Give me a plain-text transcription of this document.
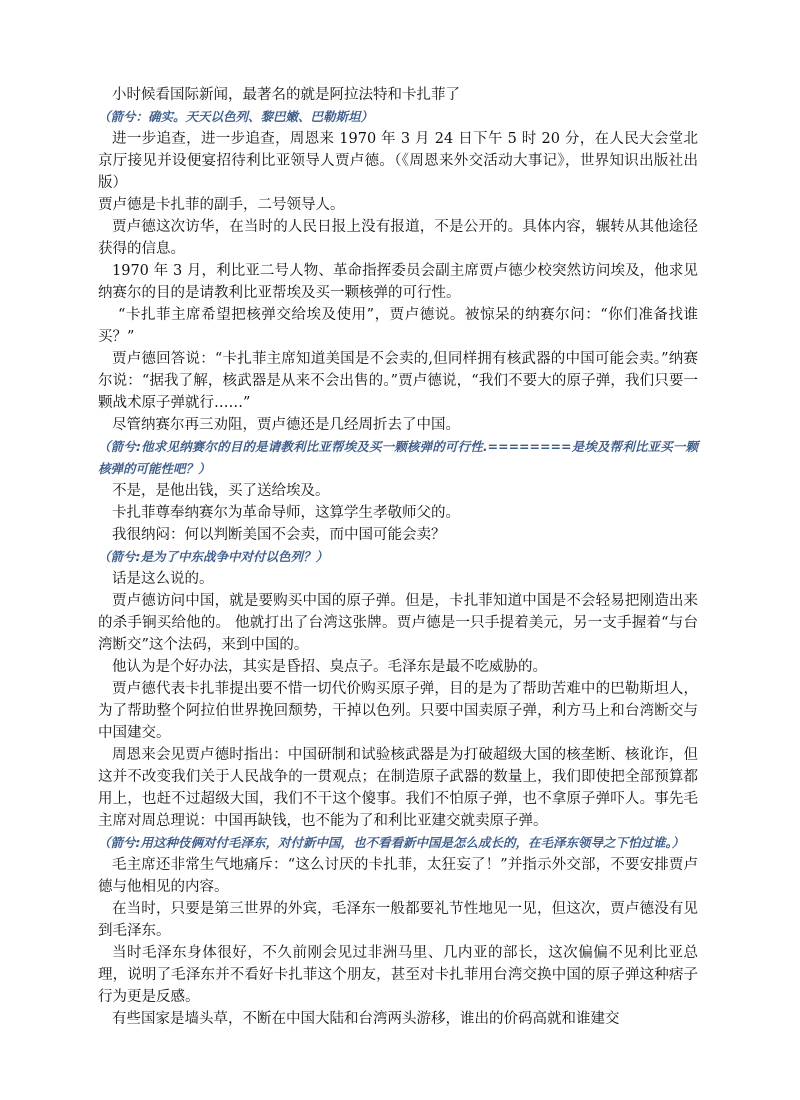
小时候看国际新闻，最著名的就是阿拉法特和卡扎菲了

（箭兮：确实。天天以色列、黎巴嫩、巴勒斯坦）

进一步追查，进一步追查，周恩来 1970 年 3 月 24 日下午 5 时 20 分，在人民大会堂北京厅接见并设便宴招待利比亚领导人贾卢德。（《周恩来外交活动大事记》，世界知识出版社出版）

贾卢德是卡扎菲的副手，二号领导人。

贾卢德这次访华，在当时的人民日报上没有报道，不是公开的。具体内容，辗转从其他途径获得的信息。

1970 年 3 月，利比亚二号人物、革命指挥委员会副主席贾卢德少校突然访问埃及，他求见纳赛尔的目的是请教利比亚帮埃及买一颗核弹的可行性。

“卡扎菲主席希望把核弹交给埃及使用”，贾卢德说。被惊呆的纳赛尔问：“你们准备找谁买？”

贾卢德回答说：“卡扎菲主席知道美国是不会卖的,但同样拥有核武器的中国可能会卖。”纳赛尔说：“据我了解，核武器是从来不会出售的。”贾卢德说，“我们不要大的原子弹，我们只要一颗战术原子弹就行……”

尽管纳赛尔再三劝阻，贾卢德还是几经周折去了中国。

（箭兮:他求见纳赛尔的目的是请教利比亚帮埃及买一颗核弹的可行性.========是埃及帮利比亚买一颗核弹的可能性吧？）

不是，是他出钱，买了送给埃及。

卡扎菲尊奉纳赛尔为革命导师，这算学生孝敬师父的。

我很纳闷：何以判断美国不会卖，而中国可能会卖？

（箭兮:是为了中东战争中对付以色列？）

话是这么说的。

贾卢德访问中国，就是要购买中国的原子弹。但是，卡扎菲知道中国是不会轻易把刚造出来的杀手锏买给他的。 他就打出了台湾这张牌。贾卢德是一只手提着美元，另一支手握着“与台湾断交”这个法码，来到中国的。

他认为是个好办法，其实是昏招、臭点子。毛泽东是最不吃威胁的。

贾卢德代表卡扎菲提出要不惜一切代价购买原子弹，目的是为了帮助苦难中的巴勒斯坦人，为了帮助整个阿拉伯世界挽回颓势，干掉以色列。只要中国卖原子弹，利方马上和台湾断交与中国建交。

周恩来会见贾卢德时指出：中国研制和试验核武器是为打破超级大国的核垄断、核讹诈，但这并不改变我们关于人民战争的一贯观点；在制造原子武器的数量上，我们即使把全部预算都用上，也赶不过超级大国，我们不干这个傻事。我们不怕原子弹，也不拿原子弹吓人。事先毛主席对周总理说：中国再缺钱，也不能为了和利比亚建交就卖原子弹。

（箭兮:用这种伎俩对付毛泽东，对付新中国，也不看看新中国是怎么成长的，在毛泽东领导之下怕过谁。）

毛主席还非常生气地痛斥：“这么讨厌的卡扎菲，太狂妄了！”并指示外交部，不要安排贾卢德与他相见的内容。

在当时，只要是第三世界的外宾，毛泽东一般都要礼节性地见一见，但这次，贾卢德没有见到毛泽东。

当时毛泽东身体很好，不久前刚会见过非洲马里、几内亚的部长，这次偏偏不见利比亚总理，说明了毛泽东并不看好卡扎菲这个朋友，甚至对卡扎菲用台湾交换中国的原子弹这种痞子行为更是反感。

有些国家是墙头草，不断在中国大陆和台湾两头游移，谁出的价码高就和谁建交
